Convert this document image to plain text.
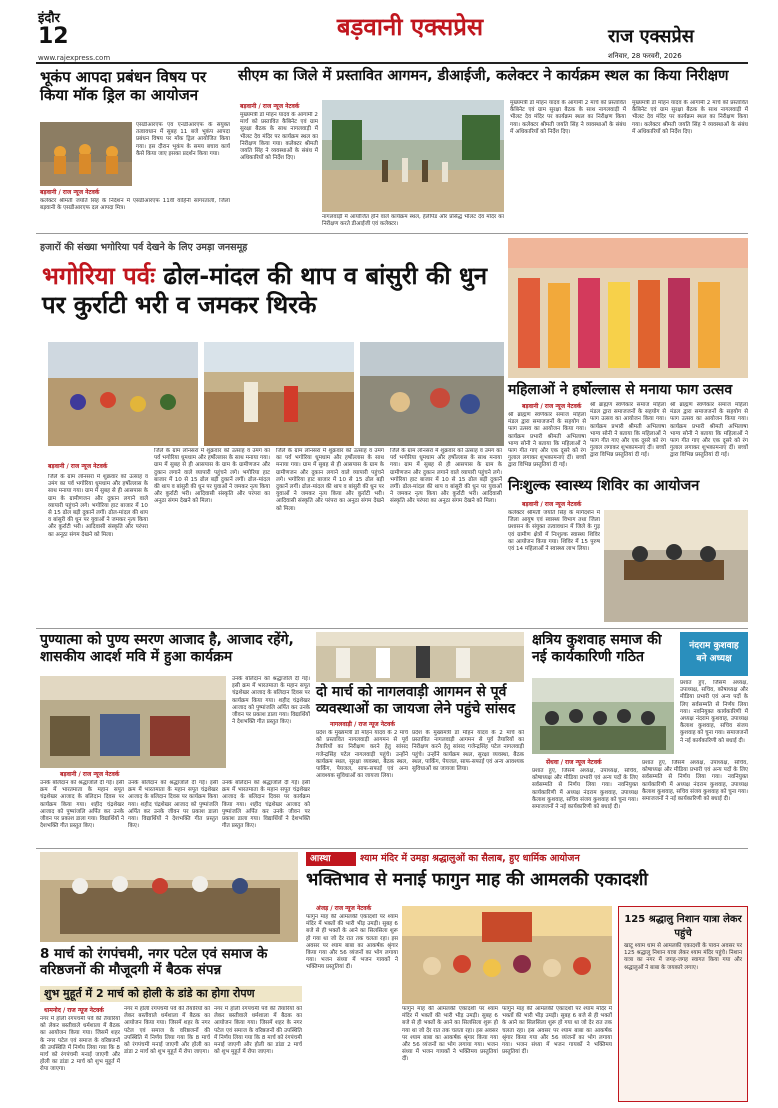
इंदौर
12
www.rajexpress.com
बड़वानी एक्सप्रेस	राज एक्सप्रेस
शनिवार, 28 फरवरी, 2026
भूकंप आपदा प्रबंधन विषय पर किया मॉक ड्रिल का आयोजन
एसडीआरएफ एवं एनडीआरएफ के संयुक्त तत्वावधान में सुबह 11 बजे भूकंप आपदा प्रबंधन विषय पर मॉक ड्रिल आयोजित किया गया। इस दौरान भूकंप के समय बचाव कार्य कैसे किया जाए इसका प्रदर्शन किया गया।
बड़वानी / राज न्यूज नेटवर्क
कलेक्टर श्रीमती जयति सिंह के निर्देशन में एसडीआरएफ 11वीं वाहिनी सागरताली, जिला बड़वानी के एसडीआरएफ दल आपदा मित्र।
सीएम का जिले में प्रस्तावित आगमन, डीआईजी, कलेक्टर ने कार्यक्रम स्थल का किया निरीक्षण
बड़वानी / राज न्यूज नेटवर्क
मुख्यमंत्री डॉ मोहन यादव के आगामी 2 मार्च को प्रस्तावित कैबिनेट एवं ग्राम सुरक्षा बैठक के साथ नागलवाड़ी में भीलट देव मंदिर पर कार्यक्रम स्थल का निरीक्षण किया गया। कलेक्टर श्रीमती जयति सिंह ने व्यवस्थाओं के संबंध में अधिकारियों को निर्देश दिए।
नागलवाड़ी में आयोजित होने वाले कार्यक्रम स्थल, हेलीपेड और प्रसिद्ध भीलट देव मंदिर का निरीक्षण करते डीआईजी एवं कलेक्टर।
मुख्यमंत्री डॉ मोहन यादव के आगामी 2 मार्च को प्रस्तावित कैबिनेट एवं ग्राम सुरक्षा बैठक के साथ नागलवाड़ी में भीलट देव मंदिर पर कार्यक्रम स्थल का निरीक्षण किया गया। कलेक्टर श्रीमती जयति सिंह ने व्यवस्थाओं के संबंध में अधिकारियों को निर्देश दिए।
मुख्यमंत्री डॉ मोहन यादव के आगामी 2 मार्च को प्रस्तावित कैबिनेट एवं ग्राम सुरक्षा बैठक के साथ नागलवाड़ी में भीलट देव मंदिर पर कार्यक्रम स्थल का निरीक्षण किया गया। कलेक्टर श्रीमती जयति सिंह ने व्यवस्थाओं के संबंध में अधिकारियों को निर्देश दिए।
हजारों की संख्या भगोरिया पर्व देखने के लिए उमड़ा जनसमूह
भगोरिया पर्वः ढोल-मांदल की थाप व बांसुरी की धुन पर कुर्राटी भरी व जमकर थिरके
बड़वानी / राज न्यूज नेटवर्क
जिले के ग्राम लोनसरा में शुक्रवार को उत्साह व उमंग का पर्व भगोरिया धूमधाम और हर्षोल्लास के साथ मनाया गया। ग्राम में सुबह से ही आसपास के ग्राम के ग्रामीणजन और दुकान लगाने वाले व्यापारी पहुंचने लगे। भगोरिया हाट बाजार में 10 से 15 ढोल बड़ी दुकानें लगीं। ढोल-मांदल की थाप व बांसुरी की धुन पर युवाओं ने जमकर नृत्य किया और कुर्राटी भरी। आदिवासी संस्कृति और परंपरा का अनूठा संगम देखने को मिला।
जिले के ग्राम लोनसरा में शुक्रवार को उत्साह व उमंग का पर्व भगोरिया धूमधाम और हर्षोल्लास के साथ मनाया गया। ग्राम में सुबह से ही आसपास के ग्राम के ग्रामीणजन और दुकान लगाने वाले व्यापारी पहुंचने लगे। भगोरिया हाट बाजार में 10 से 15 ढोल बड़ी दुकानें लगीं। ढोल-मांदल की थाप व बांसुरी की धुन पर युवाओं ने जमकर नृत्य किया और कुर्राटी भरी। आदिवासी संस्कृति और परंपरा का अनूठा संगम देखने को मिला।
जिले के ग्राम लोनसरा में शुक्रवार को उत्साह व उमंग का पर्व भगोरिया धूमधाम और हर्षोल्लास के साथ मनाया गया। ग्राम में सुबह से ही आसपास के ग्राम के ग्रामीणजन और दुकान लगाने वाले व्यापारी पहुंचने लगे। भगोरिया हाट बाजार में 10 से 15 ढोल बड़ी दुकानें लगीं। ढोल-मांदल की थाप व बांसुरी की धुन पर युवाओं ने जमकर नृत्य किया और कुर्राटी भरी। आदिवासी संस्कृति और परंपरा का अनूठा संगम देखने को मिला।
जिले के ग्राम लोनसरा में शुक्रवार को उत्साह व उमंग का पर्व भगोरिया धूमधाम और हर्षोल्लास के साथ मनाया गया। ग्राम में सुबह से ही आसपास के ग्राम के ग्रामीणजन और दुकान लगाने वाले व्यापारी पहुंचने लगे। भगोरिया हाट बाजार में 10 से 15 ढोल बड़ी दुकानें लगीं। ढोल-मांदल की थाप व बांसुरी की धुन पर युवाओं ने जमकर नृत्य किया और कुर्राटी भरी। आदिवासी संस्कृति और परंपरा का अनूठा संगम देखने को मिला।
महिलाओं ने हर्षोल्लास से मनाया फाग उत्सव
बड़वानी / राज न्यूज नेटवर्क
श्री ब्राह्मण स्वर्णकार समाज महिला मंडल द्वारा समाजजनों के सहयोग से फाग उत्सव का आयोजन किया गया। कार्यक्रम प्रभारी श्रीमती अभिलाषा भाग्य सोनी ने बताया कि महिलाओं ने फाग गीत गाए और एक दूसरे को रंग गुलाल लगाकर शुभकामनाएं दीं। बच्चों द्वारा विभिन्न प्रस्तुतियां दी गई।
श्री ब्राह्मण स्वर्णकार समाज महिला मंडल द्वारा समाजजनों के सहयोग से फाग उत्सव का आयोजन किया गया। कार्यक्रम प्रभारी श्रीमती अभिलाषा भाग्य सोनी ने बताया कि महिलाओं ने फाग गीत गाए और एक दूसरे को रंग गुलाल लगाकर शुभकामनाएं दीं। बच्चों द्वारा विभिन्न प्रस्तुतियां दी गई।
श्री ब्राह्मण स्वर्णकार समाज महिला मंडल द्वारा समाजजनों के सहयोग से फाग उत्सव का आयोजन किया गया। कार्यक्रम प्रभारी श्रीमती अभिलाषा भाग्य सोनी ने बताया कि महिलाओं ने फाग गीत गाए और एक दूसरे को रंग गुलाल लगाकर शुभकामनाएं दीं। बच्चों द्वारा विभिन्न प्रस्तुतियां दी गई।
निःशुल्क स्वास्थ्य शिविर का आयोजन
बड़वानी / राज न्यूज नेटवर्क
कलेक्टर श्रीमती जयति सिंह के मार्गदर्शन में जिला आयुष एवं स्वास्थ्य विभाग तथा जिला प्रशासन के संयुक्त तत्वावधान में जिले के गुड़ एवं ग्रामीण क्षेत्रों में निःशुल्क स्वास्थ्य शिविर का आयोजन किया गया। शिविर में 15 पुरुष एवं 14 महिलाओं ने स्वास्थ्य लाभ लिया।
पुण्यात्मा को पुण्य स्मरण आजाद है, आजाद रहेंगे, शासकीय आदर्श मवि में हुआ कार्यक्रम
उनके बलिदान को श्रद्धांजलि दी गई। इसी क्रम में भारतमाता के महान सपूत चंद्रशेखर आजाद के बलिदान दिवस पर कार्यक्रम किया गया। शहीद चंद्रशेखर आजाद को पुष्पांजलि अर्पित कर उनके जीवन पर प्रकाश डाला गया। विद्यार्थियों ने देशभक्ति गीत प्रस्तुत किए।
बड़वानी / राज न्यूज नेटवर्क
उनके बलिदान को श्रद्धांजलि दी गई। इसी क्रम में भारतमाता के महान सपूत चंद्रशेखर आजाद के बलिदान दिवस पर कार्यक्रम किया गया। शहीद चंद्रशेखर आजाद को पुष्पांजलि अर्पित कर उनके जीवन पर प्रकाश डाला गया। विद्यार्थियों ने देशभक्ति गीत प्रस्तुत किए।
उनके बलिदान को श्रद्धांजलि दी गई। इसी क्रम में भारतमाता के महान सपूत चंद्रशेखर आजाद के बलिदान दिवस पर कार्यक्रम किया गया। शहीद चंद्रशेखर आजाद को पुष्पांजलि अर्पित कर उनके जीवन पर प्रकाश डाला गया। विद्यार्थियों ने देशभक्ति गीत प्रस्तुत किए।
उनके बलिदान को श्रद्धांजलि दी गई। इसी क्रम में भारतमाता के महान सपूत चंद्रशेखर आजाद के बलिदान दिवस पर कार्यक्रम किया गया। शहीद चंद्रशेखर आजाद को पुष्पांजलि अर्पित कर उनके जीवन पर प्रकाश डाला गया। विद्यार्थियों ने देशभक्ति गीत प्रस्तुत किए।
दो मार्च को नागलवाड़ी आगमन से पूर्व व्यवस्थाओं का जायजा लेने पहुंचे सांसद
नागलवाड़ी / राज न्यूज नेटवर्क
प्रदेश के मुख्यमंत्री डॉ मोहन यादव के 2 मार्च को प्रस्तावित नागलवाड़ी आगमन से पूर्व तैयारियों का निरीक्षण करने हेतु सांसद गजेन्द्रसिंह पटेल नागलवाड़ी पहुंचे। उन्होंने कार्यक्रम स्थल, सुरक्षा व्यवस्था, बैठक स्थल, पार्किंग, पेयजल, साफ-सफाई एवं अन्य आवश्यक सुविधाओं का जायजा लिया।
प्रदेश के मुख्यमंत्री डॉ मोहन यादव के 2 मार्च को प्रस्तावित नागलवाड़ी आगमन से पूर्व तैयारियों का निरीक्षण करने हेतु सांसद गजेन्द्रसिंह पटेल नागलवाड़ी पहुंचे। उन्होंने कार्यक्रम स्थल, सुरक्षा व्यवस्था, बैठक स्थल, पार्किंग, पेयजल, साफ-सफाई एवं अन्य आवश्यक सुविधाओं का जायजा लिया।
क्षत्रिय कुशवाह समाज की नई कार्यकारिणी गठित
नंदराम कुशवाह
बने अध्यक्ष
प्रशांत हुए, जिसमें अध्यक्ष, उपाध्यक्ष, सचिव, कोषाध्यक्ष और मीडिया प्रभारी एवं अन्य पदों के लिए सर्वसम्मति से निर्णय लिया गया। नवनियुक्त कार्यकारिणी में अध्यक्ष नंदराम कुशवाह, उपाध्यक्ष कैलाश कुशवाह, सचिव संजय कुशवाह को चुना गया। समाजजनों ने नई कार्यकारिणी को बधाई दी।
सेंधवा / राज न्यूज नेटवर्क
प्रशांत हुए, जिसमें अध्यक्ष, उपाध्यक्ष, सचिव, कोषाध्यक्ष और मीडिया प्रभारी एवं अन्य पदों के लिए सर्वसम्मति से निर्णय लिया गया। नवनियुक्त कार्यकारिणी में अध्यक्ष नंदराम कुशवाह, उपाध्यक्ष कैलाश कुशवाह, सचिव संजय कुशवाह को चुना गया। समाजजनों ने नई कार्यकारिणी को बधाई दी।
प्रशांत हुए, जिसमें अध्यक्ष, उपाध्यक्ष, सचिव, कोषाध्यक्ष और मीडिया प्रभारी एवं अन्य पदों के लिए सर्वसम्मति से निर्णय लिया गया। नवनियुक्त कार्यकारिणी में अध्यक्ष नंदराम कुशवाह, उपाध्यक्ष कैलाश कुशवाह, सचिव संजय कुशवाह को चुना गया। समाजजनों ने नई कार्यकारिणी को बधाई दी।
8 मार्च को रंगपंचमी, नगर पटेल एवं समाज के वरिष्ठजनों की मौजूदगी में बैठक संपन्न
शुभ मुहूर्त में 2 मार्च को होली के डांडे का होगा रोपण
धामनोद / राज न्यूज नेटवर्क
नगर में होली रंगपंचमी पर्व की तैयारियों को लेकर बस्तीवाले धर्मशाला में बैठक का आयोजन किया गया। जिसमें शहर के नगर पटेल एवं समाज के वरिष्ठजनों की उपस्थिति में निर्णय लिया गया कि 8 मार्च को रंगपंचमी मनाई जाएगी और होली का डांडा 2 मार्च को शुभ मुहूर्त में रोपा जाएगा।
नगर में होली रंगपंचमी पर्व की तैयारियों को लेकर बस्तीवाले धर्मशाला में बैठक का आयोजन किया गया। जिसमें शहर के नगर पटेल एवं समाज के वरिष्ठजनों की उपस्थिति में निर्णय लिया गया कि 8 मार्च को रंगपंचमी मनाई जाएगी और होली का डांडा 2 मार्च को शुभ मुहूर्त में रोपा जाएगा।
नगर में होली रंगपंचमी पर्व की तैयारियों को लेकर बस्तीवाले धर्मशाला में बैठक का आयोजन किया गया। जिसमें शहर के नगर पटेल एवं समाज के वरिष्ठजनों की उपस्थिति में निर्णय लिया गया कि 8 मार्च को रंगपंचमी मनाई जाएगी और होली का डांडा 2 मार्च को शुभ मुहूर्त में रोपा जाएगा।
आस्था	श्याम मंदिर में उमड़ा श्रद्धालुओं का सैलाब, हुए धार्मिक आयोजन
भक्तिभाव से मनाई फागुन माह की आमलकी एकादशी
अंजड़ / राज न्यूज नेटवर्क
फागुन माह की आमलकी एकादशी पर श्याम मंदिर में भक्तों की भारी भीड़ उमड़ी। सुबह 6 बजे से ही भक्तों के आने का सिलसिला शुरू हो गया था जो देर रात तक चलता रहा। इस अवसर पर श्याम बाबा का आकर्षक श्रृंगार किया गया और 56 व्यंजनों का भोग लगाया गया। भजन संध्या में भजन गायकों ने भक्तिमय प्रस्तुतियां दीं।
फागुन माह की आमलकी एकादशी पर श्याम मंदिर में भक्तों की भारी भीड़ उमड़ी। सुबह 6 बजे से ही भक्तों के आने का सिलसिला शुरू हो गया था जो देर रात तक चलता रहा। इस अवसर पर श्याम बाबा का आकर्षक श्रृंगार किया गया और 56 व्यंजनों का भोग लगाया गया। भजन संध्या में भजन गायकों ने भक्तिमय प्रस्तुतियां दीं।
फागुन माह की आमलकी एकादशी पर श्याम मंदिर में भक्तों की भारी भीड़ उमड़ी। सुबह 6 बजे से ही भक्तों के आने का सिलसिला शुरू हो गया था जो देर रात तक चलता रहा। इस अवसर पर श्याम बाबा का आकर्षक श्रृंगार किया गया और 56 व्यंजनों का भोग लगाया गया। भजन संध्या में भजन गायकों ने भक्तिमय प्रस्तुतियां दीं।
125 श्रद्धालु निशान यात्रा लेकर पहुंचे
खाटू श्याम धाम से आमलकी एकादशी के पावन अवसर पर 125 श्रद्धालु निशान यात्रा लेकर श्याम मंदिर पहुंचे। निशान यात्रा का नगर में जगह-जगह स्वागत किया गया और श्रद्धालुओं ने बाबा के जयकारे लगाए।
